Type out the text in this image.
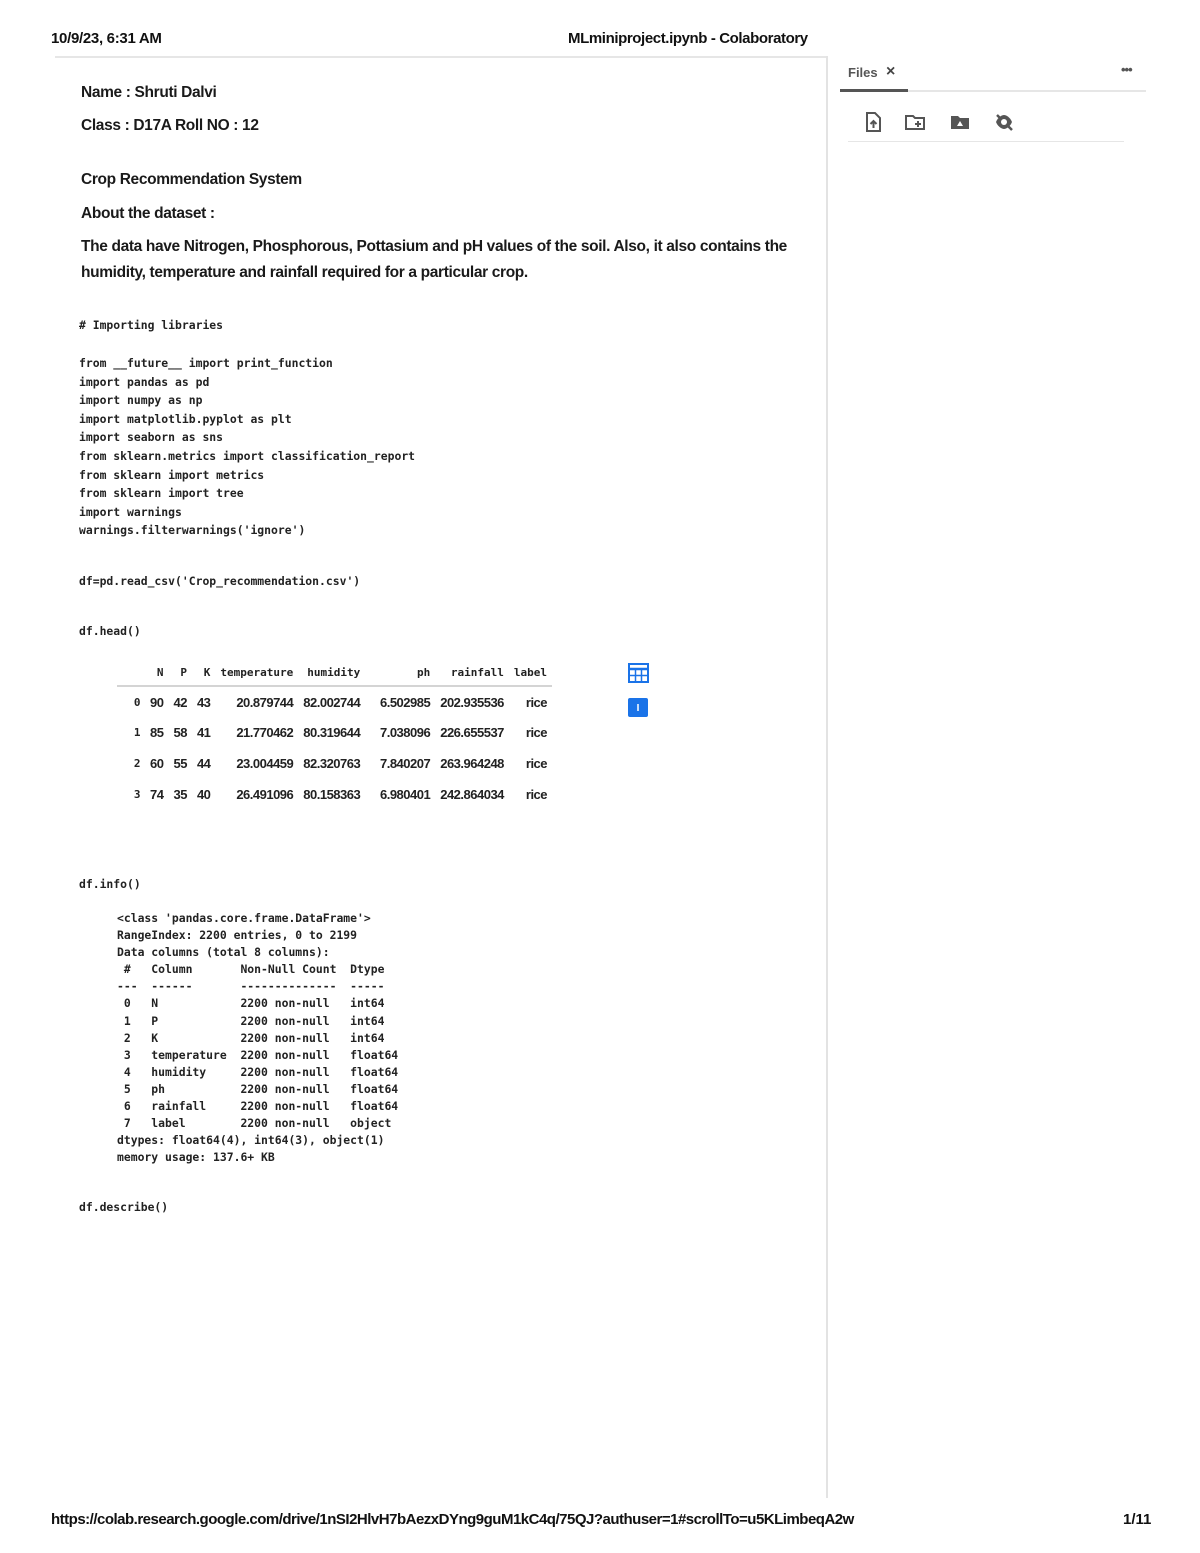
10/9/23, 6:31 AM	MLminiproject.ipynb - Colaboratory
Name : Shruti Dalvi
Class : D17A Roll NO : 12
Crop Recommendation System
About the dataset :
The data have Nitrogen, Phosphorous, Pottasium and pH values of the soil. Also, it also contains the humidity, temperature and rainfall required for a particular crop.
# Importing libraries
from __future__ import print_function
import pandas as pd
import numpy as np
import matplotlib.pyplot as plt
import seaborn as sns
from sklearn.metrics import classification_report
from sklearn import metrics
from sklearn import tree
import warnings
warnings.filterwarnings('ignore')
df=pd.read_csv('Crop_recommendation.csv')
df.head()
	N	P	K	temperature	humidity	ph	rainfall	label
0	90	42	43	20.879744	82.002744	6.502985	202.935536	rice
1	85	58	41	21.770462	80.319644	7.038096	226.655537	rice
2	60	55	44	23.004459	82.320763	7.840207	263.964248	rice
3	74	35	40	26.491096	80.158363	6.980401	242.864034	rice
df.info()
<class 'pandas.core.frame.DataFrame'>
RangeIndex: 2200 entries, 0 to 2199
Data columns (total 8 columns):
#   Column       Non-Null Count  Dtype
---  ------       --------------  -----
0   N            2200 non-null   int64
1   P            2200 non-null   int64
2   K            2200 non-null   int64
3   temperature  2200 non-null   float64
4   humidity     2200 non-null   float64
5   ph           2200 non-null   float64
6   rainfall     2200 non-null   float64
7   label        2200 non-null   object
dtypes: float64(4), int64(3), object(1)
memory usage: 137.6+ KB
df.describe()
Files ×	•••
https://colab.research.google.com/drive/1nSI2HlvH7bAezxDYng9guM1kC4q/75QJ?authuser=1#scrollTo=u5KLimbeqA2w	1/11
